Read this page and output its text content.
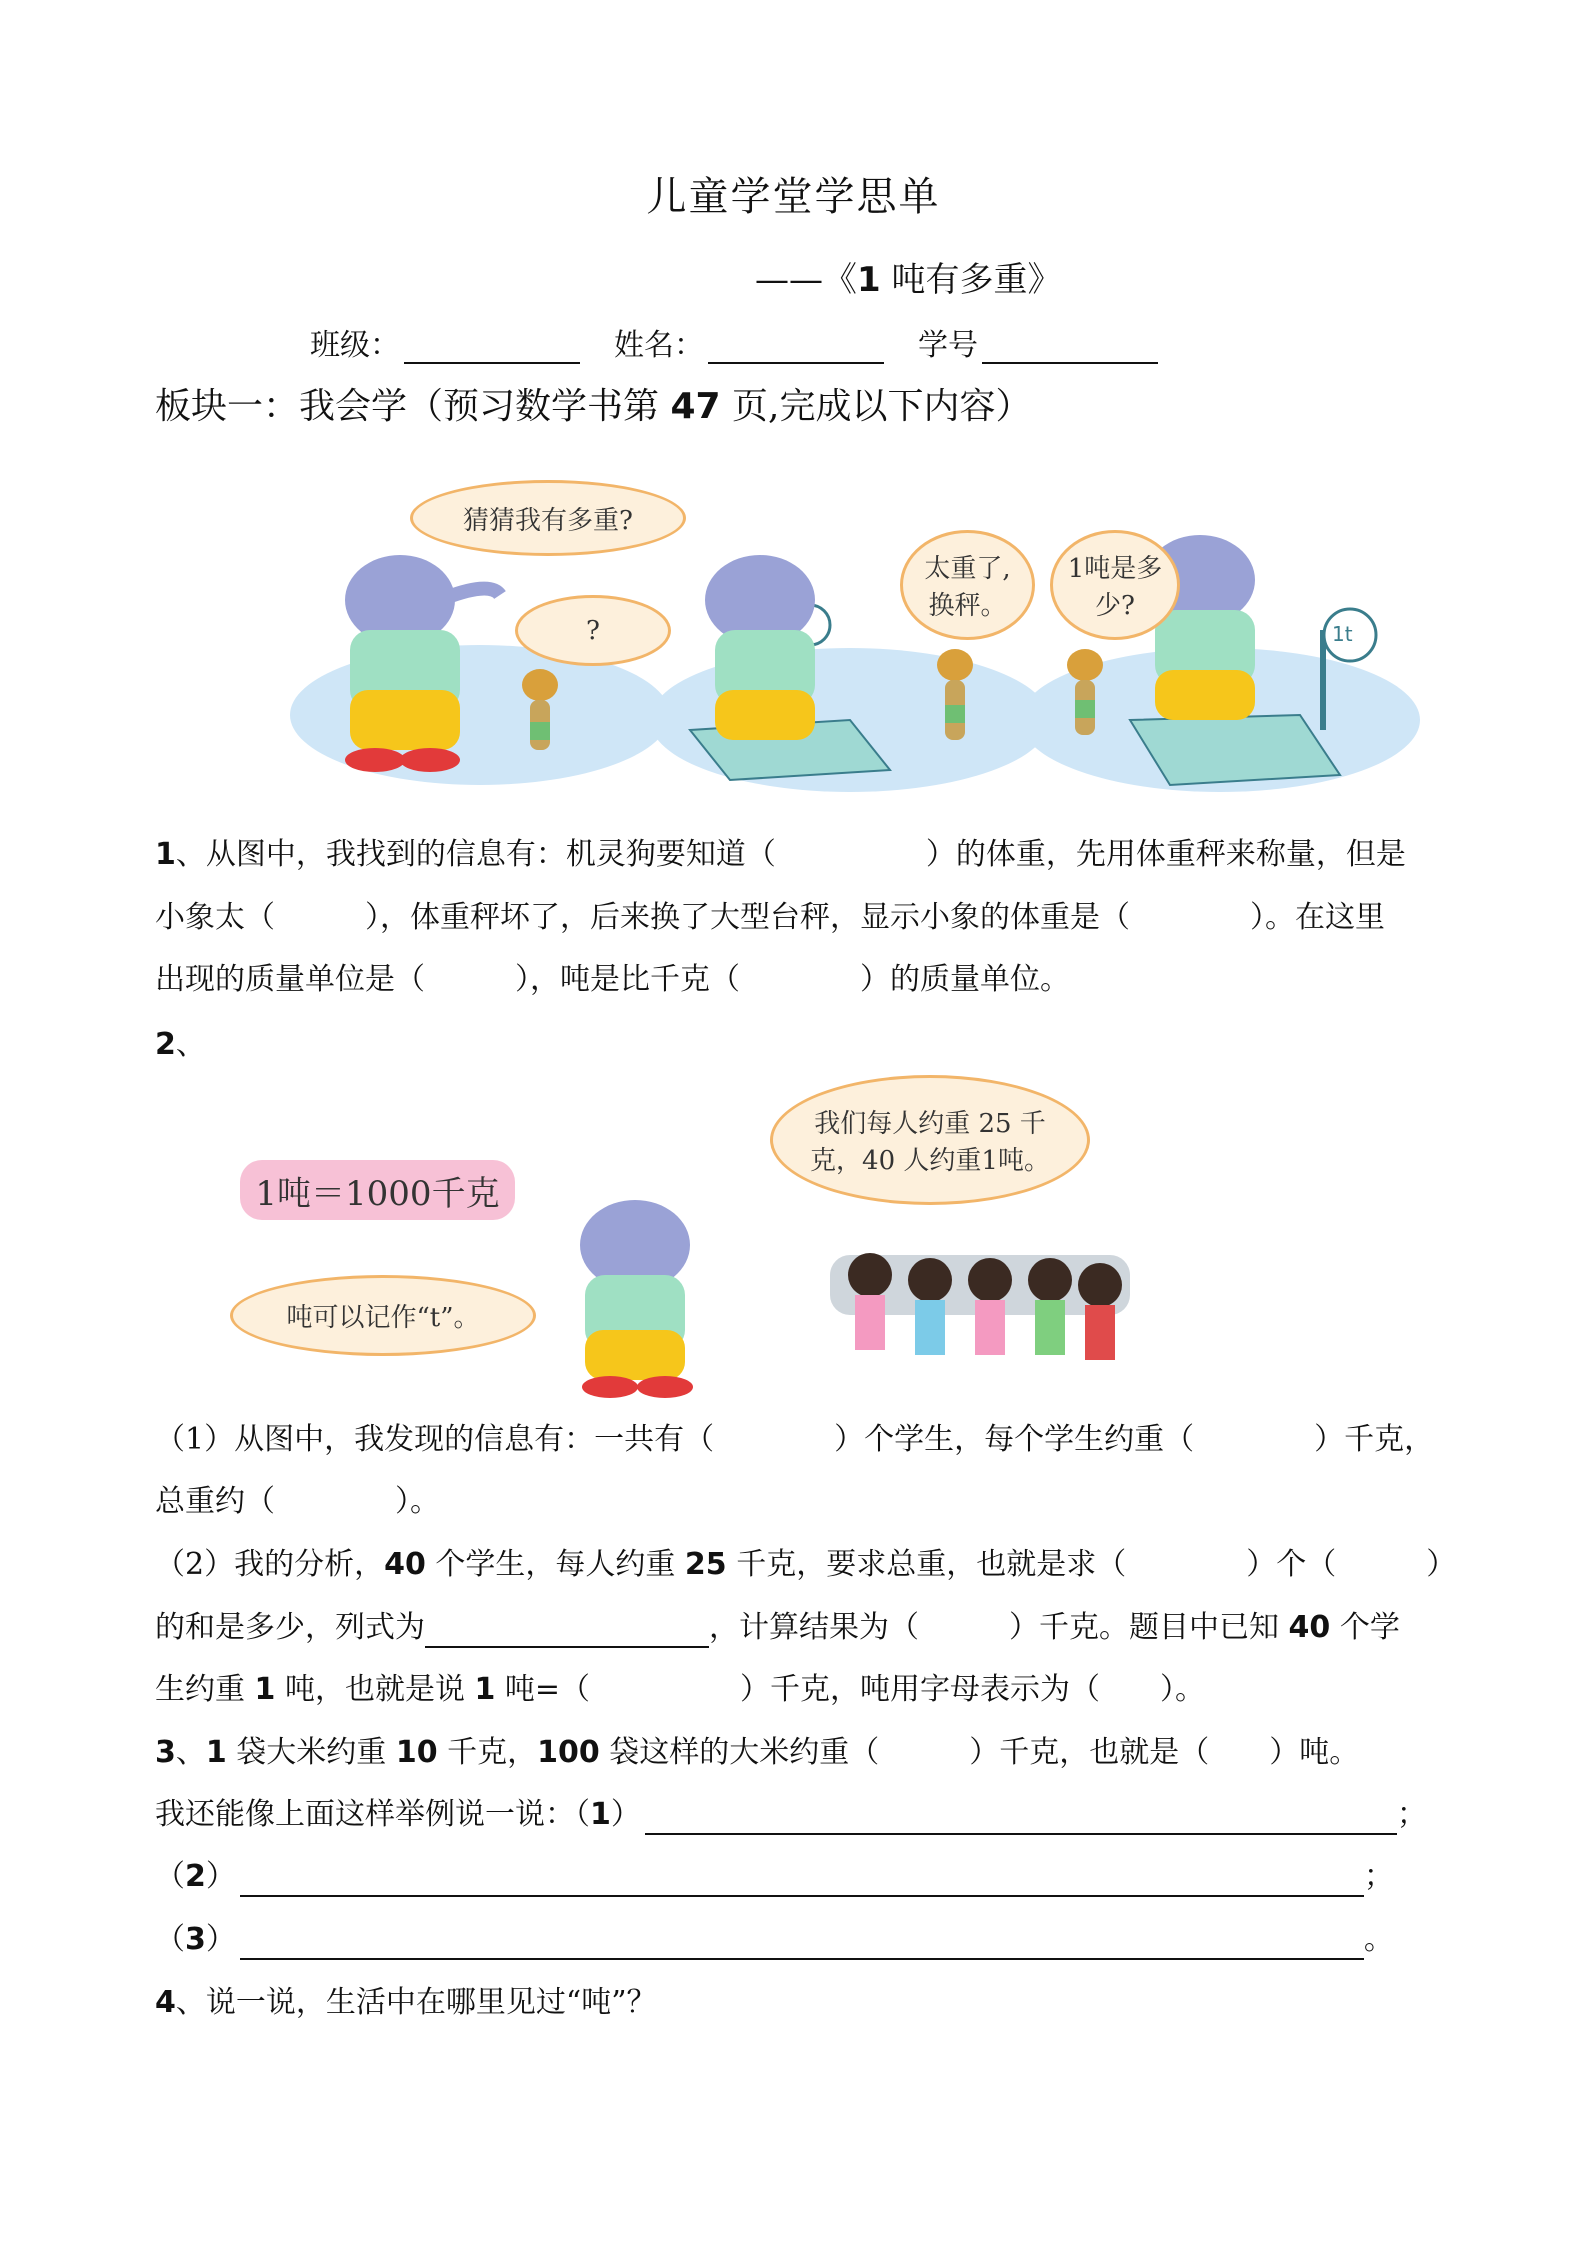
儿童学堂学思单
——《1 吨有多重》
班级：	姓名：	学号
板块一：我会学（预习数学书第 47 页,完成以下内容）
猜猜我有多重?
?
太重了,换秤。
1吨是多少?
1t
1、从图中，我找到的信息有：机灵狗要知道（　　　　　）的体重，先用体重秤来称量，但是
小象太（　　　），体重秤坏了，后来换了大型台秤，显示小象的体重是（　　　　）。在这里
出现的质量单位是（　　　），吨是比千克（　　　　）的质量单位。
2、
1吨＝1000千克
吨可以记作“t”。
我们每人约重 25 千克，40 人约重1吨。
（1）从图中，我发现的信息有：一共有（　　　　）个学生，每个学生约重（　　　　）千克，
总重约（　　　　）。
（2）我的分析，40 个学生，每人约重 25 千克，要求总重，也就是求（　　　　）个（　　　）
的和是多少，列式为	，计算结果为（　　　）千克。题目中已知 40 个学
生约重 1 吨，也就是说 1 吨=（　　　　　）千克，吨用字母表示为（　　）。
3、1 袋大米约重 10 千克，100 袋这样的大米约重（　　　）千克，也就是（　　）吨。
我还能像上面这样举例说一说：（1）	；
（2）	；
（3）	。
4、说一说，生活中在哪里见过“吨”？
